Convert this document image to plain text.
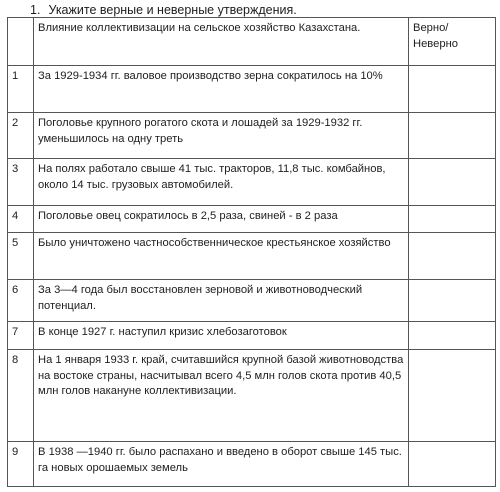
1. Укажите верные и неверные утверждения.
	Влияние коллективизации на сельское хозяйство Казахстана.	Верно/ Неверно
1	За 1929-1934 гг. валовое производство зерна сократилось на 10%	
2	Поголовье крупного рогатого скота и лошадей за 1929-1932 гг. уменьшилось на одну треть	
3	На полях работало свыше 41 тыс. тракторов, 11,8 тыс. комбайнов, около 14 тыс. грузовых автомобилей.	
4	Поголовье овец сократилось в 2,5 раза, свиней - в 2 раза	
5	Было уничтожено частнособственническое крестьянское хозяйство	
6	За 3—4 года был восстановлен зерновой и животноводческий потенциал.	
7	В конце 1927 г. наступил кризис хлебозаготовок	
8	На 1 января 1933 г. край, считавшийся крупной базой животноводства на востоке страны, насчитывал всего 4,5 млн голов скота против 40,5 млн голов накануне коллективизации.	
9	В 1938 —1940 гг. было распахано и введено в оборот свыше 145 тыс. га новых орошаемых земель	
